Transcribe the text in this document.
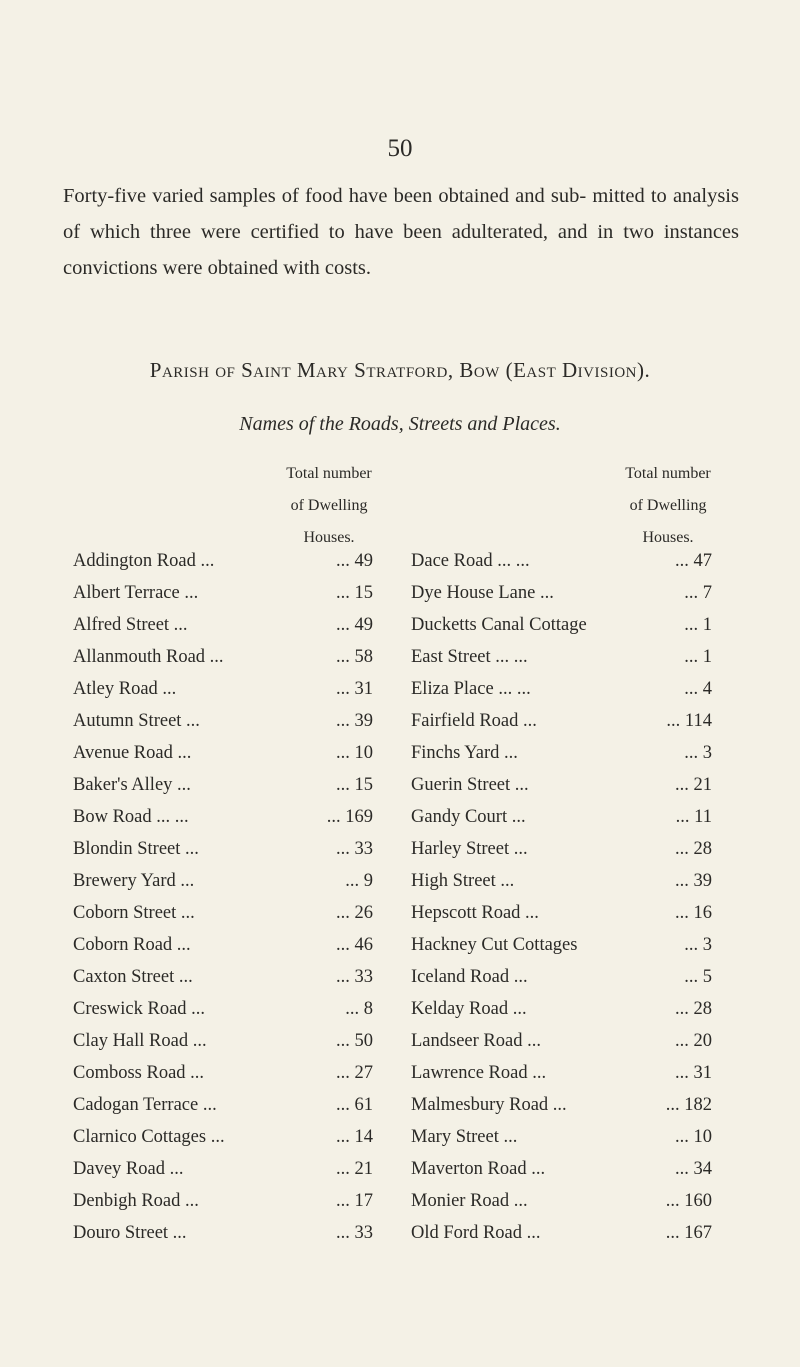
50

Forty-five varied samples of food have been obtained and sub- mitted to analysis of which three were certified to have been adulterated, and in two instances convictions were obtained with costs.

Parish of Saint Mary Stratford, Bow (East Division).
Names of the Roads, Streets and Places.
Total number
of Dwelling
Houses.
Total number
of Dwelling
Houses.
Addington Road ...	... 49 Dace Road ... ...	... 47
Albert Terrace ...	... 15 Dye House Lane ...	... 7
Alfred Street ...	... 49 Ducketts Canal Cottage	... 1
Allanmouth Road ...	... 58 East Street ... ...	... 1
Atley Road ...	... 31 Eliza Place ... ...	... 4
Autumn Street ...	... 39 Fairfield Road ...	... 114
Avenue Road ...	... 10 Finchs Yard ...	... 3
Baker's Alley ...	... 15 Guerin Street ...	... 21
Bow Road ... ...	... 169 Gandy Court ...	... 11
Blondin Street ...	... 33 Harley Street ...	... 28
Brewery Yard ...	... 9 High Street ...	... 39
Coborn Street ...	... 26 Hepscott Road ...	... 16
Coborn Road ...	... 46 Hackney Cut Cottages	... 3
Caxton Street ...	... 33 Iceland Road ...	... 5
Creswick Road ...	... 8 Kelday Road ...	... 28
Clay Hall Road ...	... 50 Landseer Road ...	... 20
Comboss Road ...	... 27 Lawrence Road ...	... 31
Cadogan Terrace ...	... 61 Malmesbury Road ...	... 182
Clarnico Cottages ...	... 14 Mary Street ...	... 10
Davey Road ...	... 21 Maverton Road ...	... 34
Denbigh Road ...	... 17 Monier Road ...	... 160
Douro Street ...	... 33 Old Ford Road ...	... 167
